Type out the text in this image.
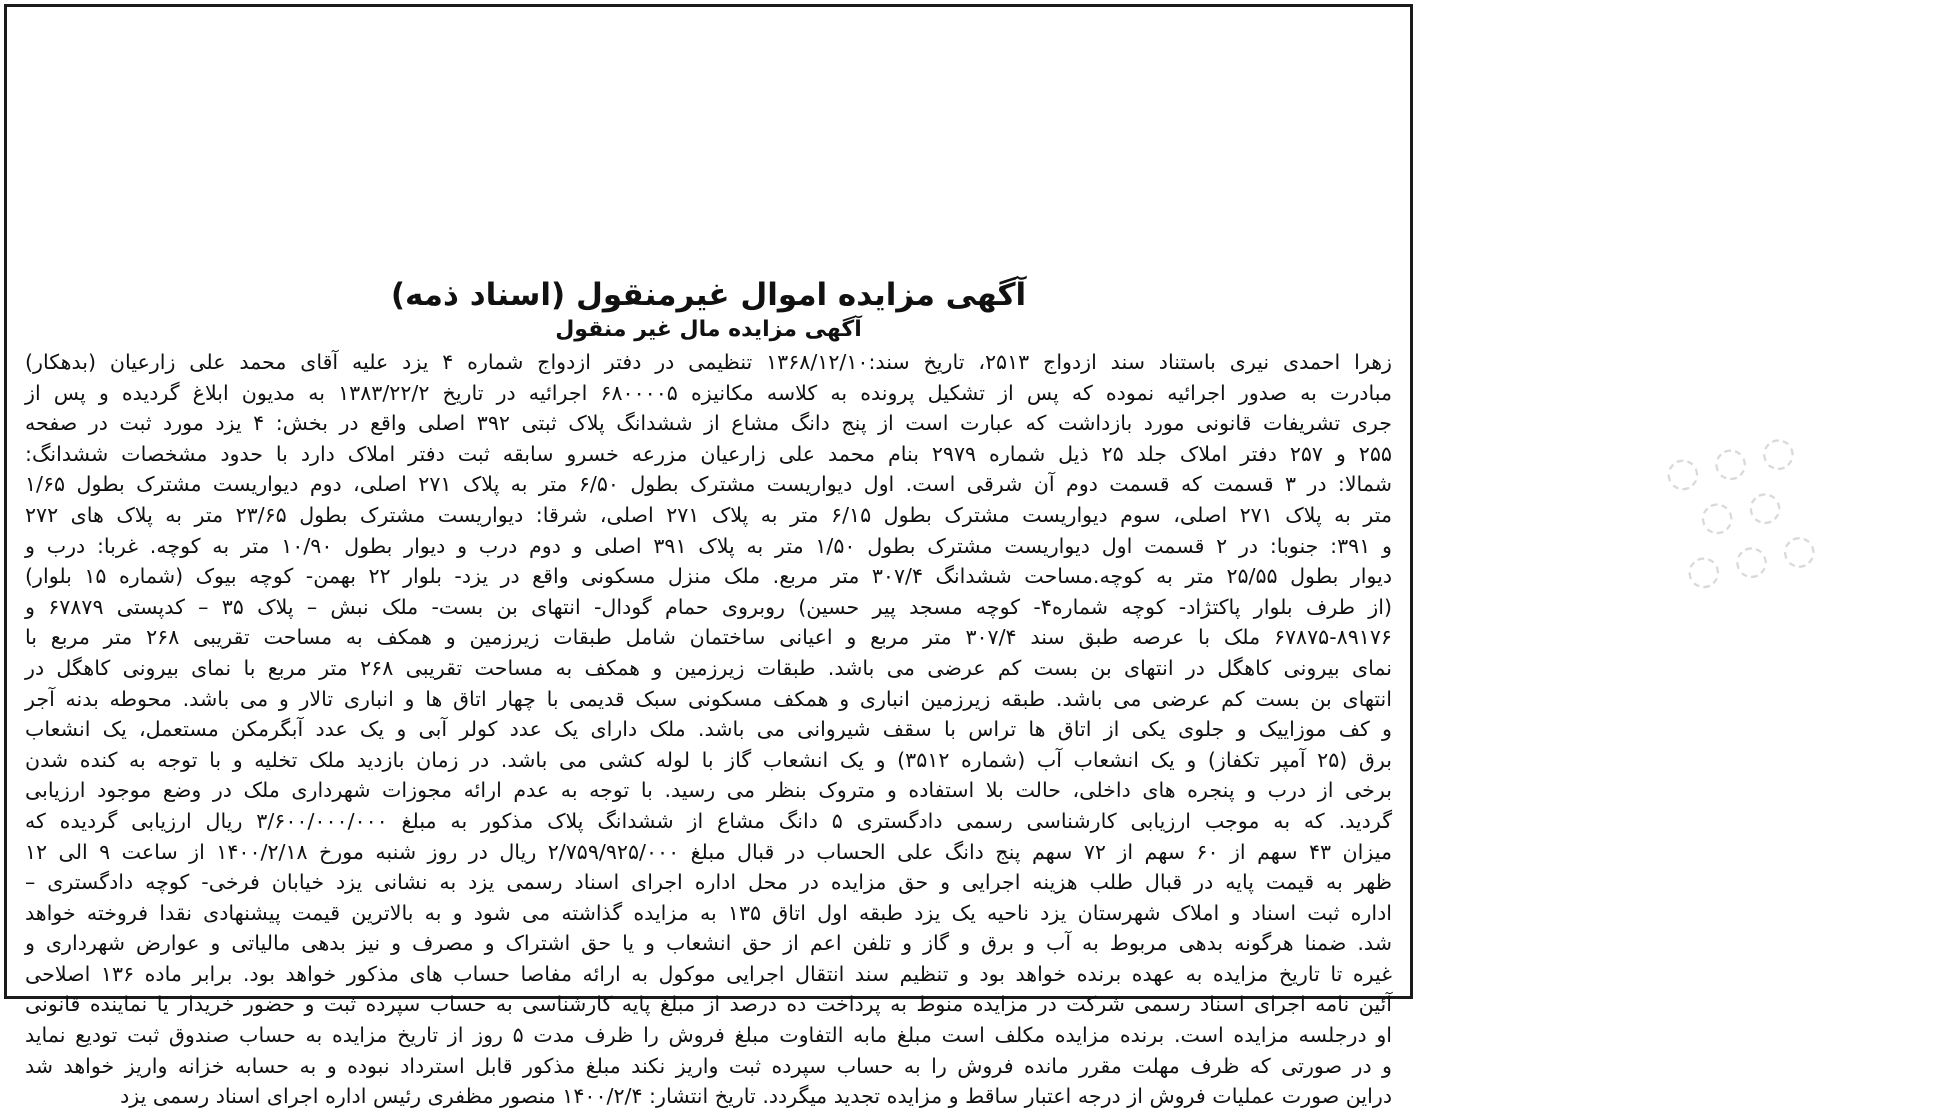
◌ ◌ ◌
◌ ◌
◌ ◌ ◌
آگهی مزایده اموال غیرمنقول (اسناد ذمه)
آگهی مزایده مال غیر منقول
زهرا احمدی نیری باستناد سند ازدواج ۲۵۱۳، تاریخ سند:۱۳۶۸/۱۲/۱۰ تنظیمی در دفتر ازدواج شماره ۴ یزد علیه آقای محمد علی زارعیان (بدهکار)
مبادرت به صدور اجرائیه نموده که پس از تشکیل پرونده به کلاسه مکانیزه ۶۸۰۰۰۰۵ اجرائیه در تاریخ ۱۳۸۳/۲۲/۲ به مدیون ابلاغ گردیده و پس از
جری تشریفات قانونی مورد بازداشت که عبارت است از پنج دانگ مشاع از ششدانگ پلاک ثبتی ۳۹۲ اصلی واقع در بخش: ۴ یزد مورد ثبت در صفحه
۲۵۵ و ۲۵۷ دفتر املاک جلد ۲۵ ذیل شماره ۲۹۷۹ بنام محمد علی زارعیان مزرعه خسرو سابقه ثبت دفتر املاک دارد با حدود مشخصات ششدانگ:
شمالا: در ۳ قسمت که قسمت دوم آن شرقی است. اول دیواریست مشترک بطول ۶/۵۰ متر به پلاک ۲۷۱ اصلی، دوم دیواریست مشترک بطول ۱/۶۵
متر به پلاک ۲۷۱ اصلی، سوم دیواریست مشترک بطول ۶/۱۵ متر به پلاک ۲۷۱ اصلی، شرقا: دیواریست مشترک بطول ۲۳/۶۵ متر به پلاک های ۲۷۲
و ۳۹۱: جنوبا: در ۲ قسمت اول دیواریست مشترک بطول ۱/۵۰ متر به پلاک ۳۹۱ اصلی و دوم درب و دیوار بطول ۱۰/۹۰ متر به کوچه. غربا: درب و
دیوار بطول ۲۵/۵۵ متر به کوچه.مساحت ششدانگ ۳۰۷/۴ متر مربع. ملک منزل مسکونی واقع در یزد- بلوار ۲۲ بهمن- کوچه بیوک (شماره ۱۵ بلوار)
(از طرف بلوار پاکتژاد- کوچه شماره۴- کوچه مسجد پیر حسین) روبروی حمام گودال- انتهای بن بست- ملک نبش – پلاک ۳۵ – کدپستی ۶۷۸۷۹ و
۶۷۸۷۵-۸۹۱۷۶ ملک با عرصه طبق سند ۳۰۷/۴ متر مربع و اعیانی ساختمان شامل طبقات زیرزمین و همکف به مساحت تقریبی ۲۶۸ متر مربع با
نمای بیرونی کاهگل در انتهای بن بست کم عرضی می باشد. طبقات زیرزمین و همکف به مساحت تقریبی ۲۶۸ متر مربع با نمای بیرونی کاهگل در
انتهای بن بست کم عرضی می باشد. طبقه زیرزمین انباری و همکف مسکونی سبک قدیمی با چهار اتاق ها و انباری تالار و می باشد. محوطه بدنه آجر
و کف موزاییک و جلوی یکی از اتاق ها تراس با سقف شیروانی می باشد. ملک دارای یک عدد کولر آبی و یک عدد آبگرمکن مستعمل، یک انشعاب
برق (۲۵ آمپر تکفاز) و یک انشعاب آب (شماره ۳۵۱۲) و یک انشعاب گاز با لوله کشی می باشد. در زمان بازدید ملک تخلیه و با توجه به کنده شدن
برخی از درب و پنجره های داخلی، حالت بلا استفاده و متروک بنظر می رسید. با توجه به عدم ارائه مجوزات شهرداری ملک در وضع موجود ارزیابی
گردید. که به موجب ارزیابی کارشناسی رسمی دادگستری ۵ دانگ مشاع از ششدانگ پلاک مذکور به مبلغ ۳/۶۰۰/۰۰۰/۰۰۰ ریال ارزیابی گردیده که
میزان ۴۳ سهم از ۶۰ سهم از ۷۲ سهم پنج دانگ علی الحساب در قبال مبلغ ۲/۷۵۹/۹۲۵/۰۰۰ ریال در روز شنبه مورخ ۱۴۰۰/۲/۱۸ از ساعت ۹ الی ۱۲
ظهر به قیمت پایه در قبال طلب هزینه اجرایی و حق مزایده در محل اداره اجرای اسناد رسمی یزد به نشانی یزد خیابان فرخی- کوچه دادگستری –
اداره ثبت اسناد و املاک شهرستان یزد ناحیه یک یزد طبقه اول اتاق ۱۳۵ به مزایده گذاشته می شود و به بالاترین قیمت پیشنهادی نقدا فروخته خواهد
شد. ضمنا هرگونه بدهی مربوط به آب و برق و گاز و تلفن اعم از حق انشعاب و یا حق اشتراک و مصرف و نیز بدهی مالیاتی و عوارض شهرداری و
غیره تا تاریخ مزایده به عهده برنده خواهد بود و تنظیم سند انتقال اجرایی موکول به ارائه مفاصا حساب های مذکور خواهد بود. برابر ماده ۱۳۶ اصلاحی
آئین نامه اجرای اسناد رسمی شرکت در مزایده منوط به پرداخت ده درصد از مبلغ پایه کارشناسی به حساب سپرده ثبت و حضور خریدار یا نماینده قانونی
او درجلسه مزایده است. برنده مزایده مکلف است مبلغ مابه التفاوت مبلغ فروش را ظرف مدت ۵ روز از تاریخ مزایده به حساب صندوق ثبت تودیع نماید
و در صورتی که ظرف مهلت مقرر مانده فروش را به حساب سپرده ثبت واریز نکند مبلغ مذکور قابل استرداد نبوده و به حسابه خزانه واریز خواهد شد
دراین صورت عملیات فروش از درجه اعتبار ساقط و مزایده تجدید میگردد. تاریخ انتشار: ۱۴۰۰/۲/۴ منصور مظفری رئیس اداره اجرای اسناد رسمی یزد
